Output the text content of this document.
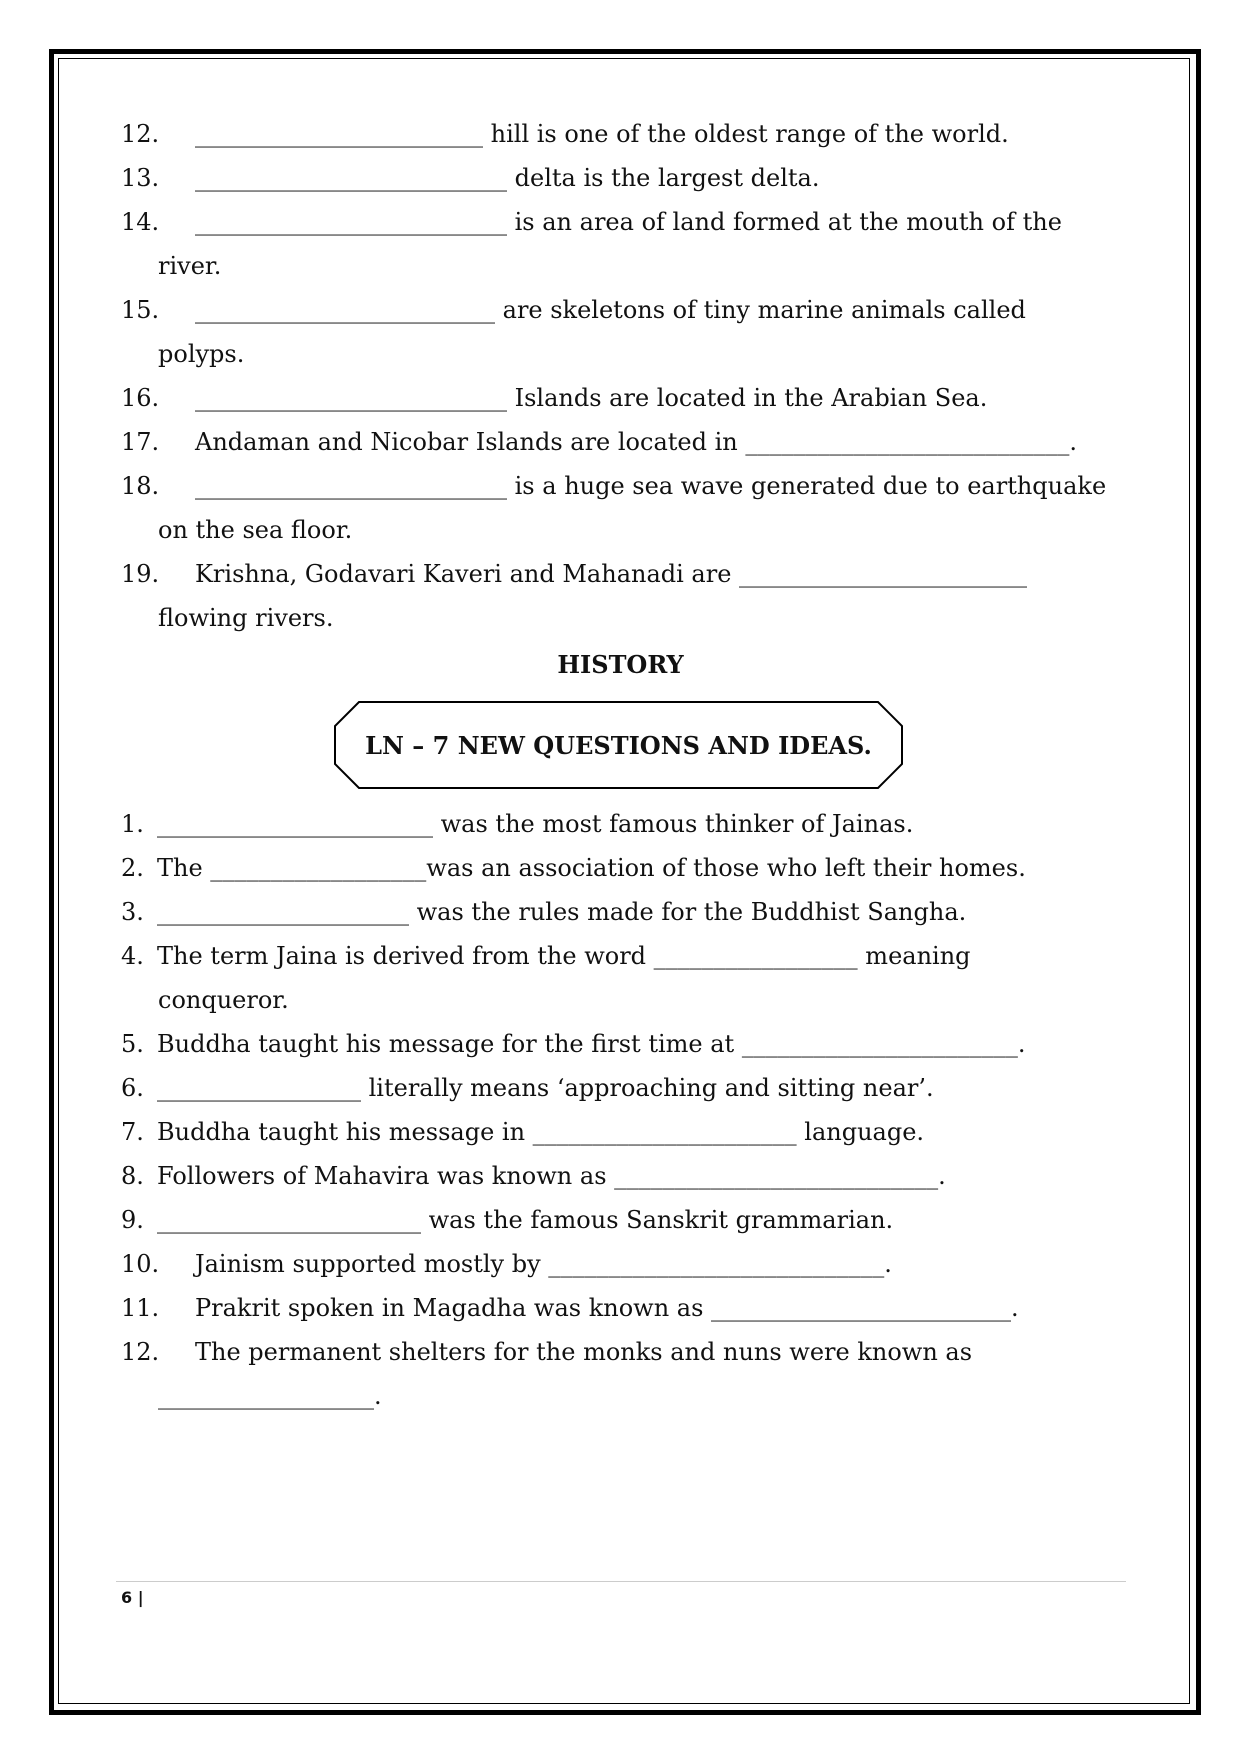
12. ________________________ hill is one of the oldest range of the world.
13. __________________________ delta is the largest delta.
14. __________________________ is an area of land formed at the mouth of the
river.
15. _________________________ are skeletons of tiny marine animals called
polyps.
16. __________________________ Islands are located in the Arabian Sea.
17. Andaman and Nicobar Islands are located in ___________________________.
18. __________________________ is a huge sea wave generated due to earthquake
on the sea floor.
19. Krishna, Godavari Kaveri and Mahanadi are ________________________
flowing rivers.
HISTORY
LN – 7 NEW QUESTIONS AND IDEAS.
1. _______________________ was the most famous thinker of Jainas.
2. The __________________was an association of those who left their homes.
3. _____________________ was the rules made for the Buddhist Sangha.
4. The term Jaina is derived from the word _________________ meaning
conqueror.
5. Buddha taught his message for the first time at _______________________.
6. _________________ literally means ‘approaching and sitting near’.
7. Buddha taught his message in ______________________ language.
8. Followers of Mahavira was known as ___________________________.
9. ______________________ was the famous Sanskrit grammarian.
10. Jainism supported mostly by ____________________________.
11. Prakrit spoken in Magadha was known as _________________________.
12. The permanent shelters for the monks and nuns were known as
__________________.
6 |
